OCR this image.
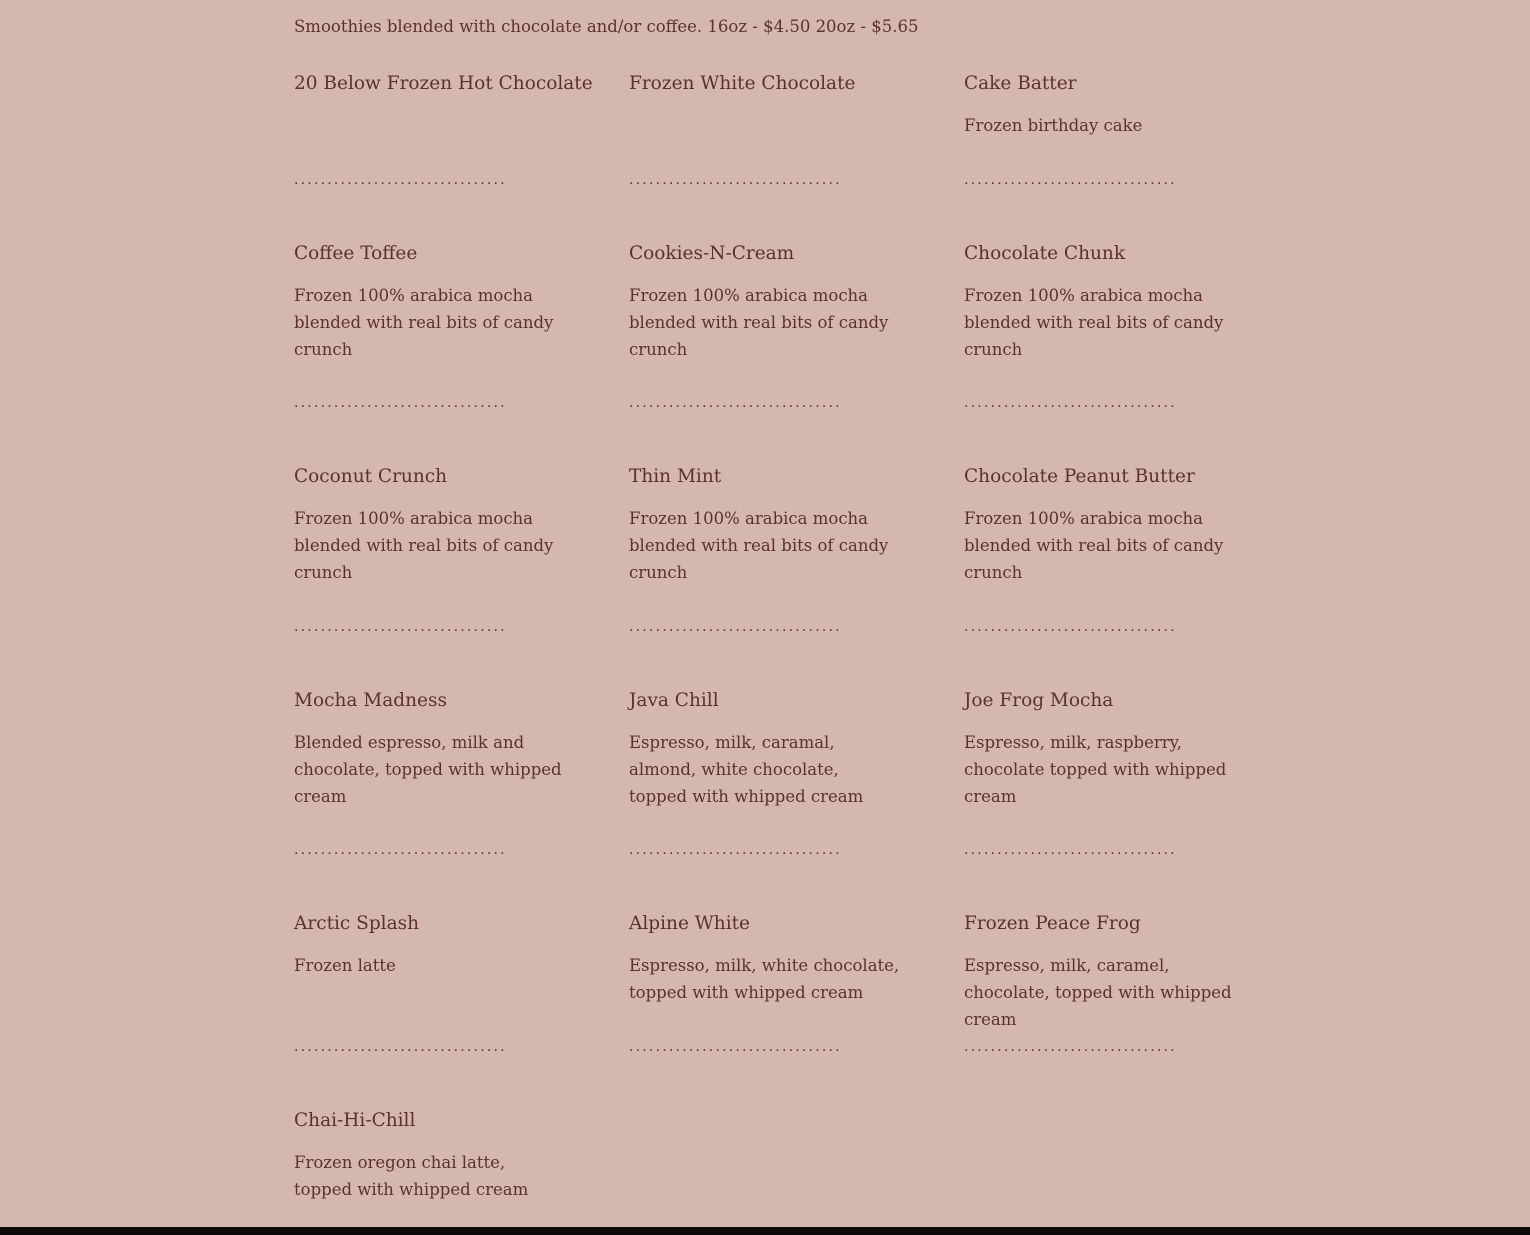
Smoothies blended with chocolate and/or coffee. 16oz - $4.50 20oz - $5.65
20 Below Frozen Hot Chocolate Frozen White Chocolate	Cake Batter
Frozen birthday cake
................................	................................	................................
Coffee Toffee
Frozen 100% arabica mocha blended with real bits of candy crunch
Cookies-N-Cream
Frozen 100% arabica mocha blended with real bits of candy crunch
Chocolate Chunk
Frozen 100% arabica mocha blended with real bits of candy crunch
................................	................................	................................
Coconut Crunch
Frozen 100% arabica mocha blended with real bits of candy crunch
Thin Mint
Frozen 100% arabica mocha blended with real bits of candy crunch
Chocolate Peanut Butter
Frozen 100% arabica mocha blended with real bits of candy crunch
................................	................................	................................
Mocha Madness
Blended espresso, milk and chocolate, topped with whipped cream
Java Chill
Espresso, milk, caramal, almond, white chocolate, topped with whipped cream
Joe Frog Mocha
Espresso, milk, raspberry, chocolate topped with whipped cream
................................	................................	................................
Arctic Splash
Frozen latte
Alpine White
Espresso, milk, white chocolate, topped with whipped cream
Frozen Peace Frog
Espresso, milk, caramel, chocolate, topped with whipped cream
................................	................................	................................
Chai-Hi-Chill
Frozen oregon chai latte, topped with whipped cream
